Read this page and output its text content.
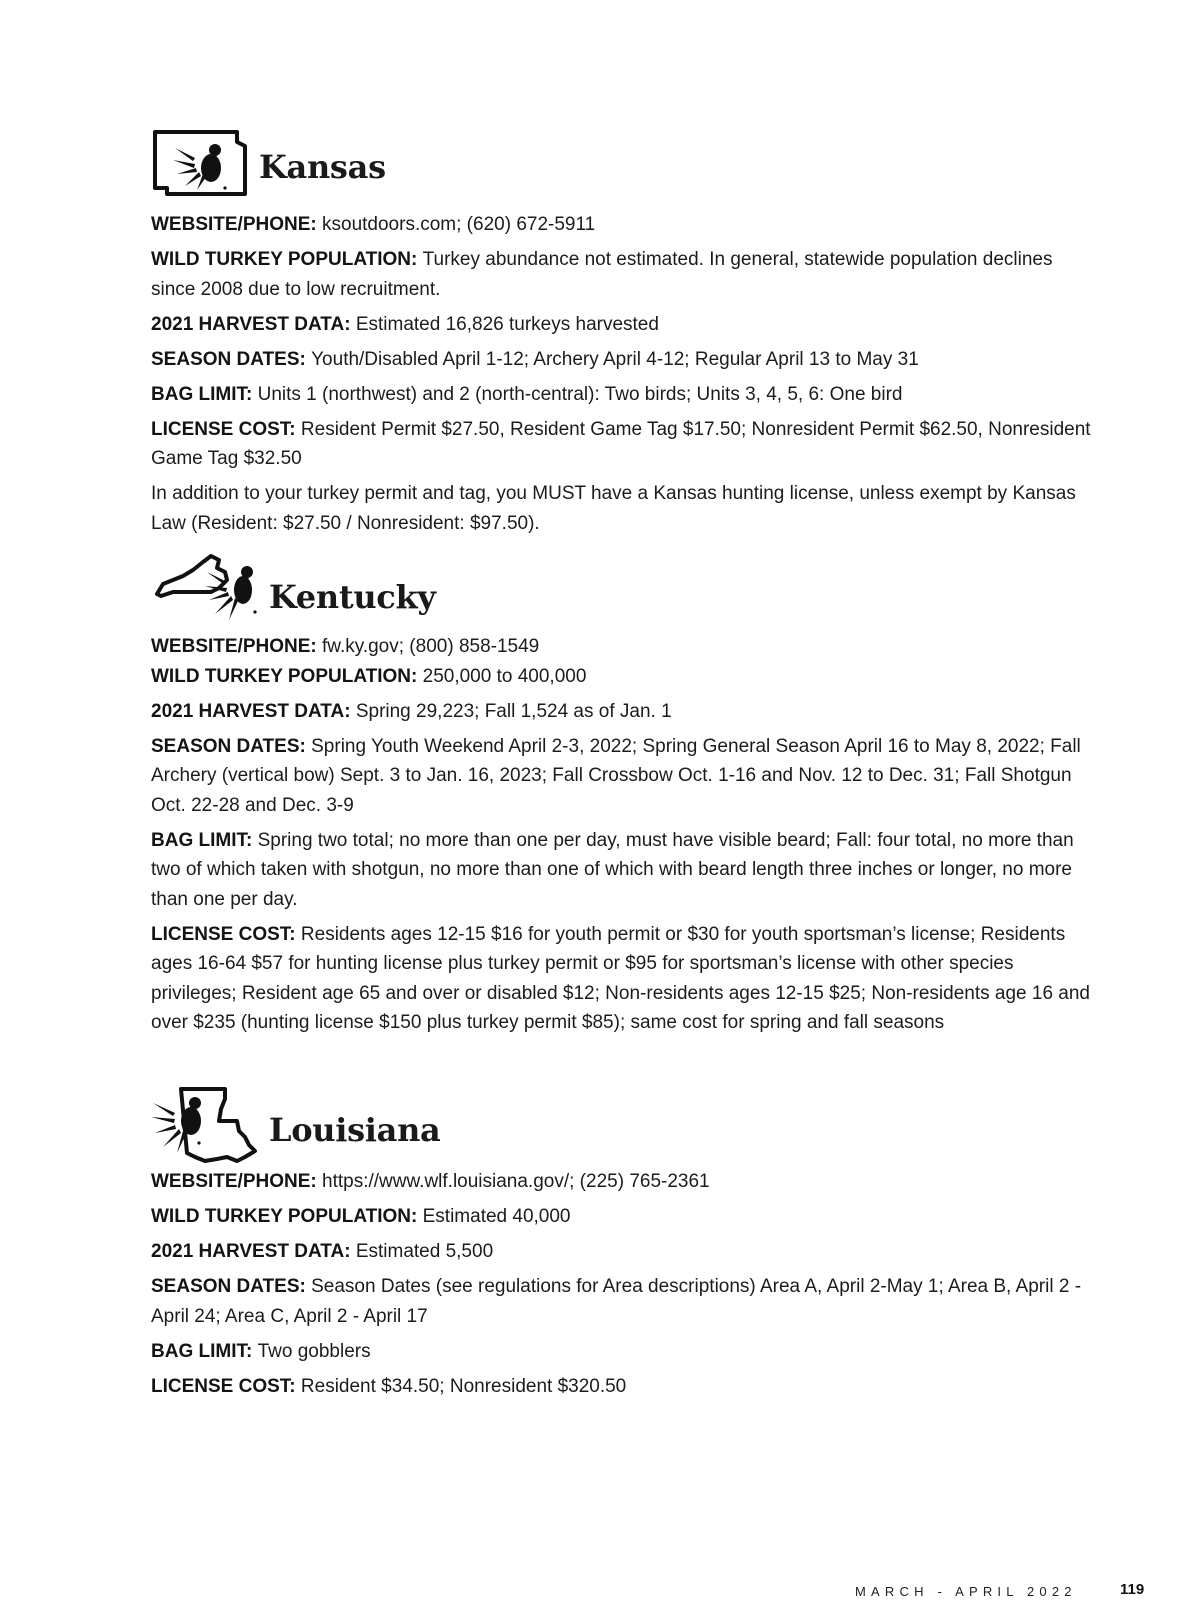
Kansas

WEBSITE/PHONE: ksoutdoors.com; (620) 672-5911

WILD TURKEY POPULATION: Turkey abundance not estimated. In general, statewide population declines since 2008 due to low recruitment.

2021 HARVEST DATA: Estimated 16,826 turkeys harvested

SEASON DATES: Youth/Disabled April 1-12; Archery April 4-12; Regular April 13 to May 31

BAG LIMIT: Units 1 (northwest) and 2 (north-central): Two birds; Units 3, 4, 5, 6: One bird

LICENSE COST: Resident Permit $27.50, Resident Game Tag $17.50; Nonresident Permit $62.50, Nonresident Game Tag $32.50

In addition to your turkey permit and tag, you MUST have a Kansas hunting license, unless exempt by Kansas Law (Resident: $27.50 / Nonresident: $97.50).

Kentucky

WEBSITE/PHONE: fw.ky.gov; (800) 858-1549

WILD TURKEY POPULATION: 250,000 to 400,000

2021 HARVEST DATA:Spring 29,223; Fall 1,524 as of Jan. 1

SEASON DATES: Spring Youth Weekend April 2-3, 2022; Spring General Season April 16 to May 8, 2022; Fall Archery (vertical bow) Sept. 3 to Jan. 16, 2023; Fall Crossbow Oct. 1-16 and Nov. 12 to Dec. 31; Fall Shotgun Oct. 22-28 and Dec. 3-9

BAG LIMIT: Spring two total; no more than one per day, must have visible beard; Fall: four total, no more than two of which taken with shotgun, no more than one of which with beard length three inches or longer, no more than one per day.

LICENSE COST: Residents ages 12-15 $16 for youth permit or $30 for youth sportsman’s license; Residents ages 16-64 $57 for hunting license plus turkey permit or $95 for sportsman’s license with other species privileges; Resident age 65 and over or disabled $12; Non-residents ages 12-15 $25; Non-residents age 16 and over $235 (hunting license $150 plus turkey permit $85); same cost for spring and fall seasons

Louisiana

WEBSITE/PHONE: https://www.wlf.louisiana.gov/; (225) 765-2361

WILD TURKEY POPULATION: Estimated 40,000

2021 HARVEST DATA: Estimated 5,500

SEASON DATES: Season Dates (see regulations for Area descriptions) Area A, April 2-May 1; Area B, April 2 - April 24; Area C, April 2 - April 17

BAG LIMIT: Two gobblers

LICENSE COST: Resident $34.50; Nonresident $320.50

MARCH - APRIL 2022	119
